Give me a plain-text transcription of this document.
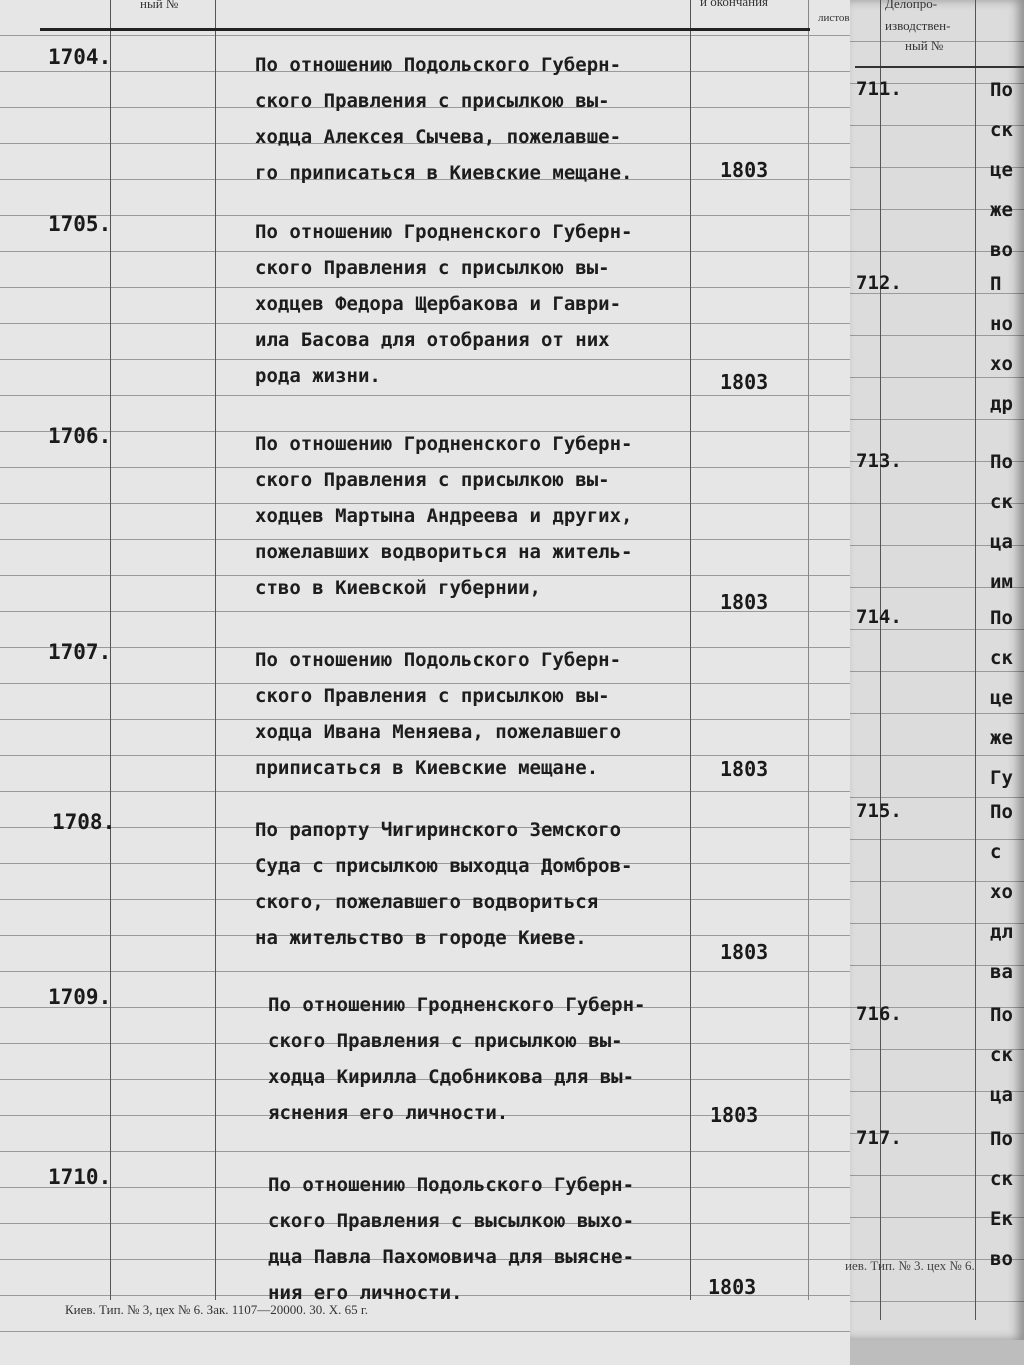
ный №	и окончания
листов
Делопро-
изводствен-
ный №
1704.	По отношению Подольского Губерн-
ского Правления с присылкою вы-
ходца Алексея Сычева, пожелавше-
го приписаться в Киевские мещане.	1803
1705.	По отношению Гродненского Губерн-
ского Правления с присылкою вы-
ходцев Федора Щербакова и Гаври-
ила Басова для отобрания от них
рода жизни.	1803
1706.	По отношению Гродненского Губерн-
ского Правления с присылкою вы-
ходцев Мартына Андреева и других,
пожелавших водвориться на житель-
ство в Киевской губернии,
1803
1707.	По отношению Подольского Губерн-
ского Правления с присылкою вы-
ходца Ивана Меняева, пожелавшего
приписаться в Киевские мещане.	1803
1708.	По рапорту Чигиринского Земского
Суда с присылкою выходца Домбров-
ского, пожелавшего водвориться
на жительство в городе Киеве.
1803
1709.	По отношению Гродненского Губерн-
ского Правления с присылкою вы-
ходца Кирилла Сдобникова для вы-
яснения его личности.	1803
1710.	По отношению Подольского Губерн-
ского Правления с высылкою выхо-
дца Павла Пахомовича для выясне-
ния его личности.	1803
711.	По
ск
це
же
во
712.	П
но
хо
др
713.	По
ск
ца
им
714.	По
ск
це
же
Гу
715.	По
с
хо
дл
ва
716.	По
ск
ца
717.	По
ск
Ек
во
Киев. Тип. № 3, цех № 6. Зак. 1107—20000. 30. X. 65 г.
иев. Тип. № 3. цех № 6.
